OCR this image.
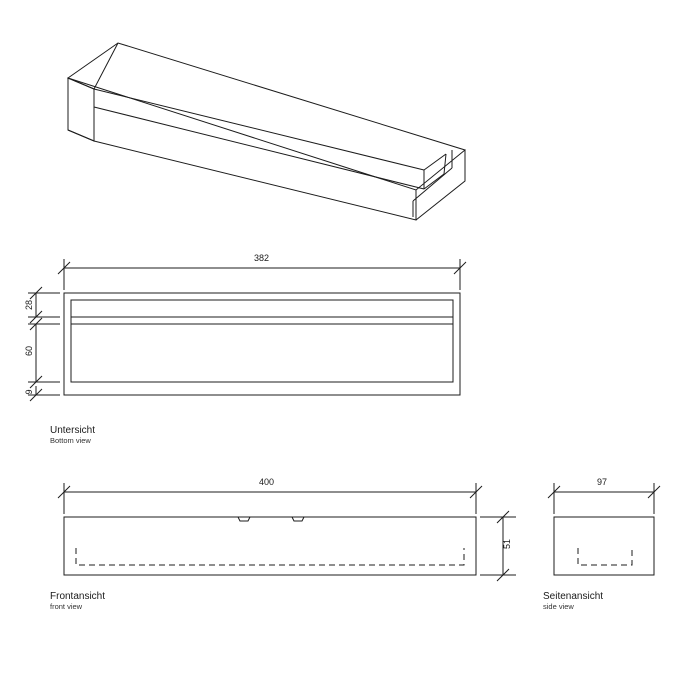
382
28
60
9
400
51
97
Untersicht
Bottom view
Frontansicht
front view
Seitenansicht
side view
